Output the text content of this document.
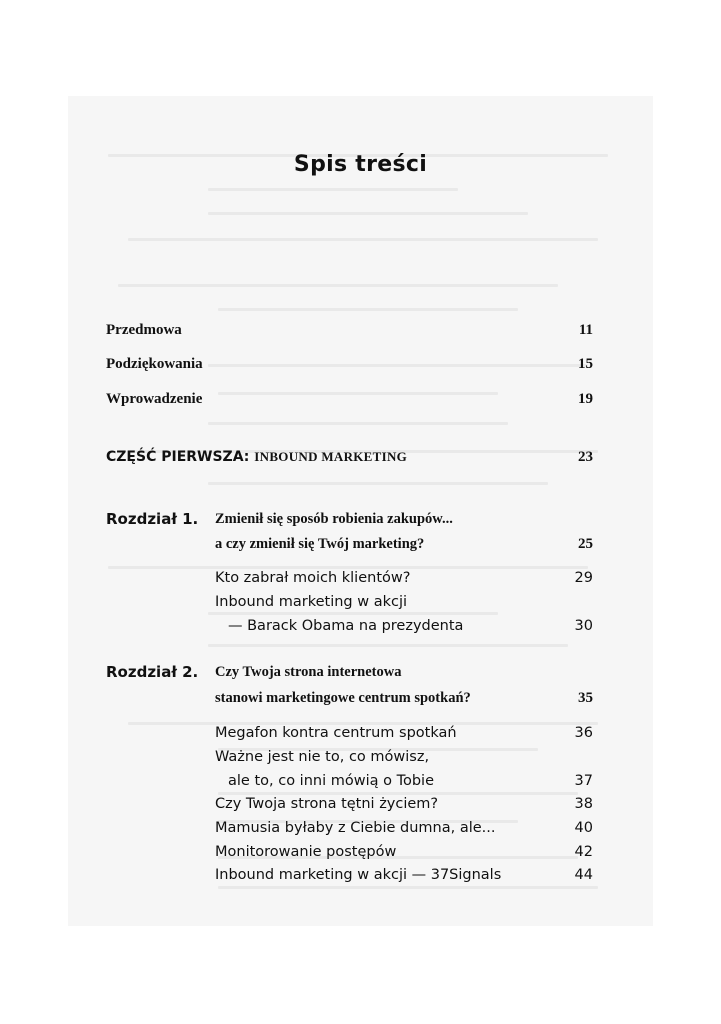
Spis treści
Przedmowa	11
Podziękowania	15
Wprowadzenie	19
CZĘŚĆ PIERWSZA: INBOUND MARKETING	23
Rozdział 1. Zmienił się sposób robienia zakupów...
a czy zmienił się Twój marketing?	25
Kto zabrał moich klientów?	29
Inbound marketing w akcji
— Barack Obama na prezydenta	30
Rozdział 2. Czy Twoja strona internetowa
stanowi marketingowe centrum spotkań?	35
Megafon kontra centrum spotkań	36
Ważne jest nie to, co mówisz,
ale to, co inni mówią o Tobie	37
Czy Twoja strona tętni życiem?	38
Mamusia byłaby z Ciebie dumna, ale...	40
Monitorowanie postępów	42
Inbound marketing w akcji — 37Signals	44
